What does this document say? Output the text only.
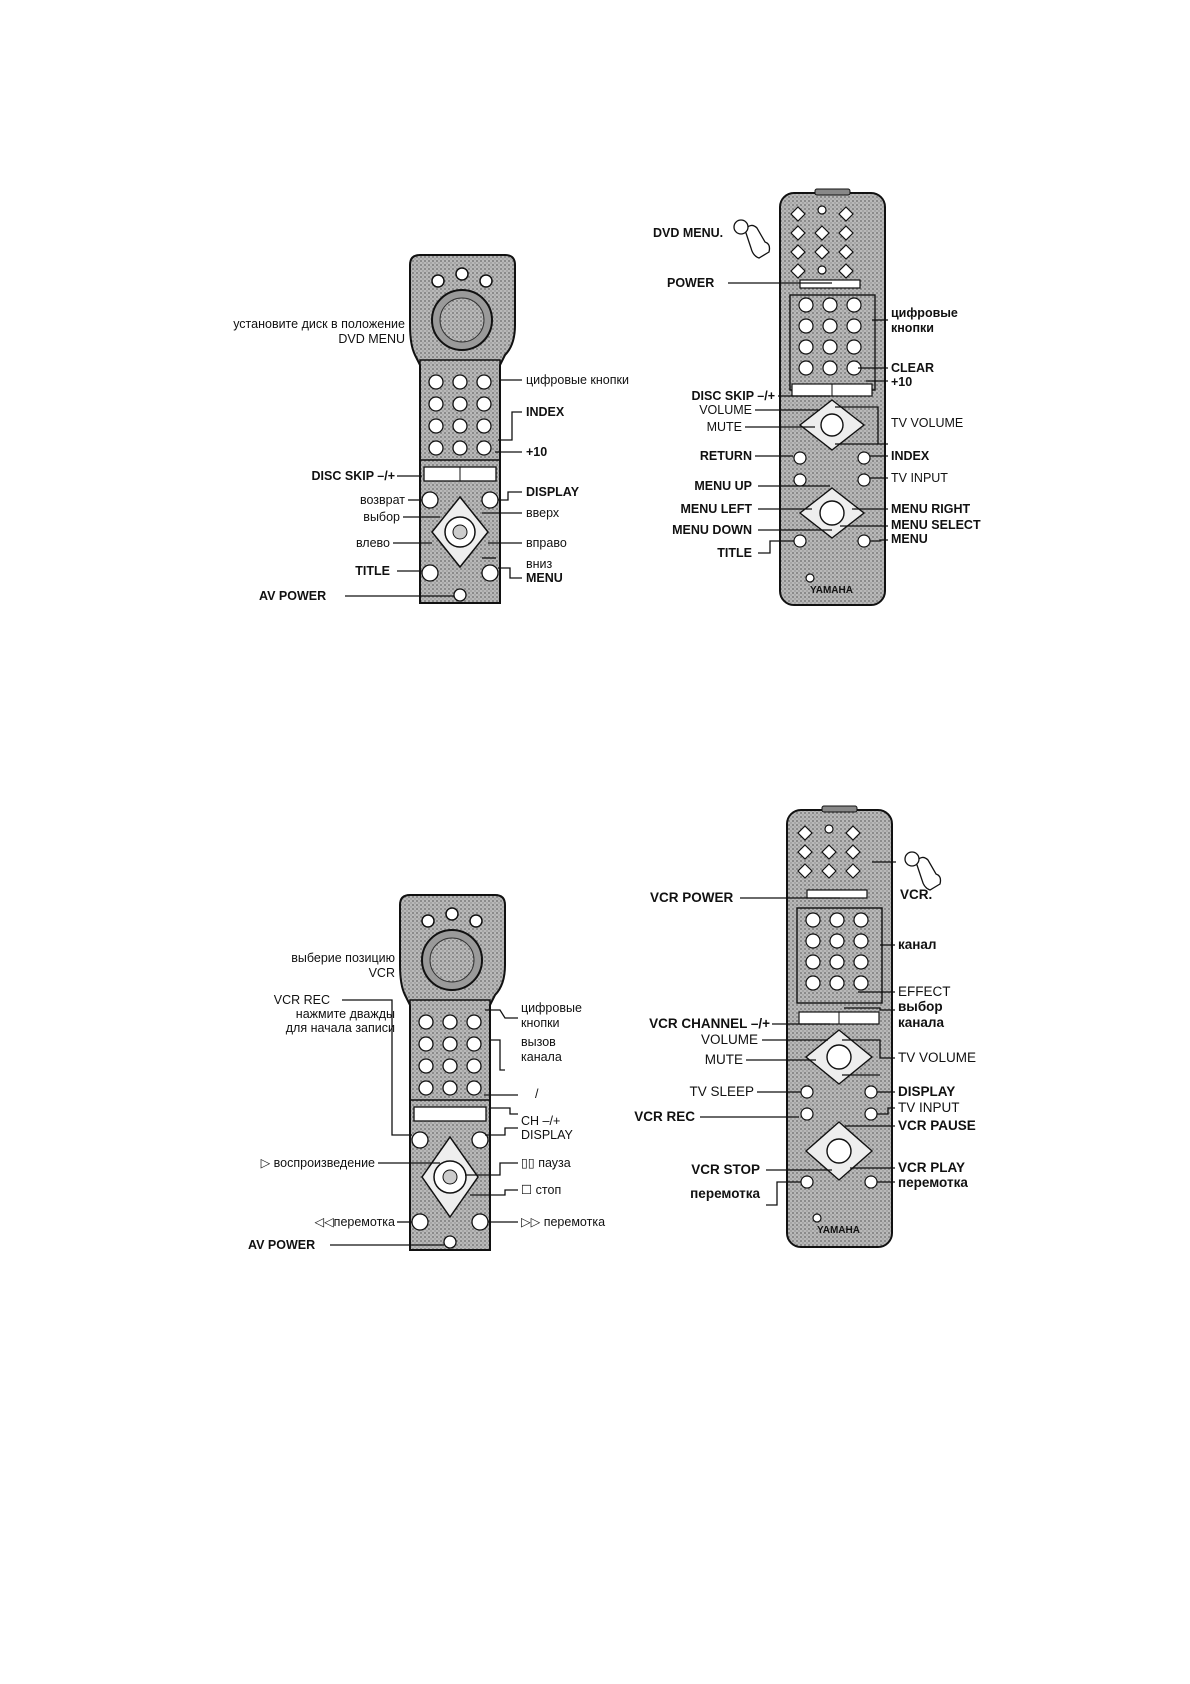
установите диск в положение
DVD MENU
цифровые кнопки
INDEX
+10
DISC SKIP –/+
возврат
DISPLAY
выбор	вверх
влево	вправо
вниз
TITLE	MENU
AV POWER
DVD MENU.
POWER
цифровые
кнопки
CLEAR
+10
DISC SKIP –/+
VOLUME
MUTE	TV VOLUME
RETURN	INDEX
MENU UP
TV INPUT
MENU LEFT	MENU RIGHT
MENU DOWN	MENU SELECT
MENU
TITLE
YAMAHA
выберие позицию
VCR
VCR REC
нажмите дважды
для начала записи
цифровые
кнопки
вызов
канала
/
CH –/+
DISPLAY
▷ воспроизведение	▯▯ пауза
☐ стоп
◁◁перемотка	▷▷ перемотка
AV POWER
VCR.
VCR POWER
канал
EFFECT
выбор
канала
VCR CHANNEL –/+
VOLUME
MUTE	TV VOLUME
TV SLEEP	DISPLAY
TV INPUT
VCR REC
VCR PAUSE
VCR STOP	VCR PLAY
перемотка
перемотка
YAMAHA
